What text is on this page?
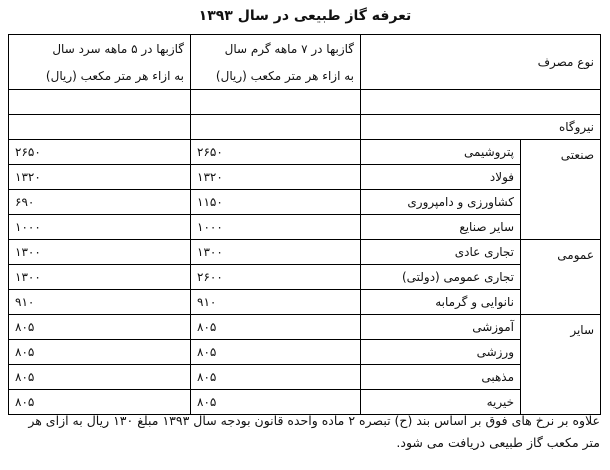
تعرفه گاز طبیعی در سال ۱۳۹۳
نوع مصرف		گازبها در ۷ ماهه گرم سال	گازبها در ۵ ماهه سرد سال
		به ازاء هر متر مکعب (ریال)	به ازاء هر متر مکعب (ریال)

نیروگاه			
صنعتی	پتروشیمی	۲۶۵۰	۲۶۵۰
	فولاد	۱۳۲۰	۱۳۲۰
	کشاورزی و دامپروری	۱۱۵۰	۶۹۰
	سایر صنایع	۱۰۰۰	۱۰۰۰
عمومی	تجاری عادی	۱۳۰۰	۱۳۰۰
	تجاری عمومی (دولتی)	۲۶۰۰	۱۳۰۰
	نانوایی و گرمابه	۹۱۰	۹۱۰
سایر	آموزشی	۸۰۵	۸۰۵
	ورزشی	۸۰۵	۸۰۵
	مذهبی	۸۰۵	۸۰۵
	خیریه	۸۰۵	۸۰۵
علاوه بر نرخ های فوق بر اساس بند (ح) تبصره ۲ ماده واحده قانون بودجه سال ۱۳۹۳ مبلغ ۱۳۰ ریال به ازای هر
متر مکعب گاز طبیعی دریافت می شود.
